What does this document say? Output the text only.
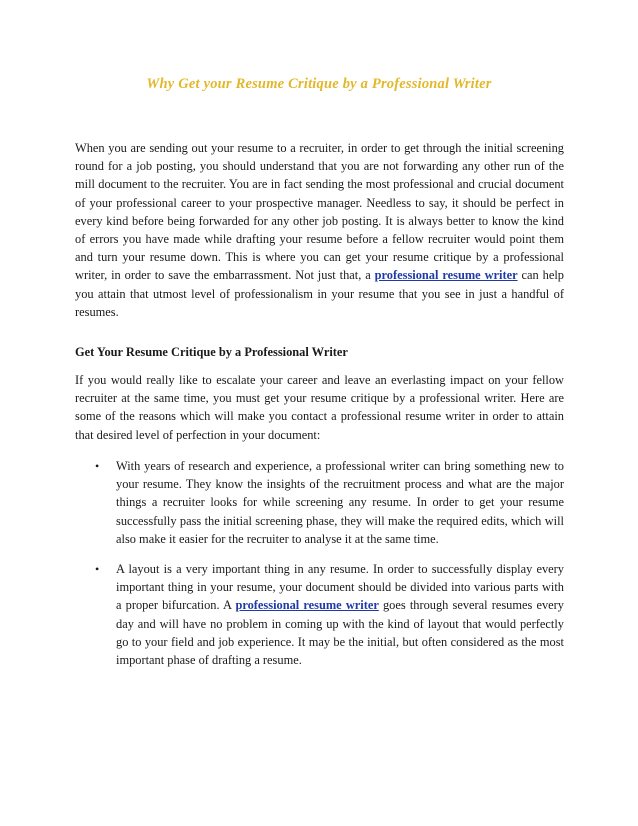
Why Get your Resume Critique by a Professional Writer

When you are sending out your resume to a recruiter, in order to get through the initial screening round for a job posting, you should understand that you are not forwarding any other run of the mill document to the recruiter. You are in fact sending the most professional and crucial document of your professional career to your prospective manager. Needless to say, it should be perfect in every kind before being forwarded for any other job posting. It is always better to know the kind of errors you have made while drafting your resume before a fellow recruiter would point them and turn your resume down. This is where you can get your resume critique by a professional writer, in order to save the embarrassment. Not just that, a professional resume writer can help you attain that utmost level of professionalism in your resume that you see in just a handful of resumes.

Get Your Resume Critique by a Professional Writer

If you would really like to escalate your career and leave an everlasting impact on your fellow recruiter at the same time, you must get your resume critique by a professional writer. Here are some of the reasons which will make you contact a professional resume writer in order to attain that desired level of perfection in your document:

• With years of research and experience, a professional writer can bring something new to your resume. They know the insights of the recruitment process and what are the major things a recruiter looks for while screening any resume. In order to get your resume successfully pass the initial screening phase, they will make the required edits, which will also make it easier for the recruiter to analyse it at the same time.
• A layout is a very important thing in any resume. In order to successfully display every important thing in your resume, your document should be divided into various parts with a proper bifurcation. A professional resume writer goes through several resumes every day and will have no problem in coming up with the kind of layout that would perfectly go to your field and job experience. It may be the initial, but often considered as the most important phase of drafting a resume.
